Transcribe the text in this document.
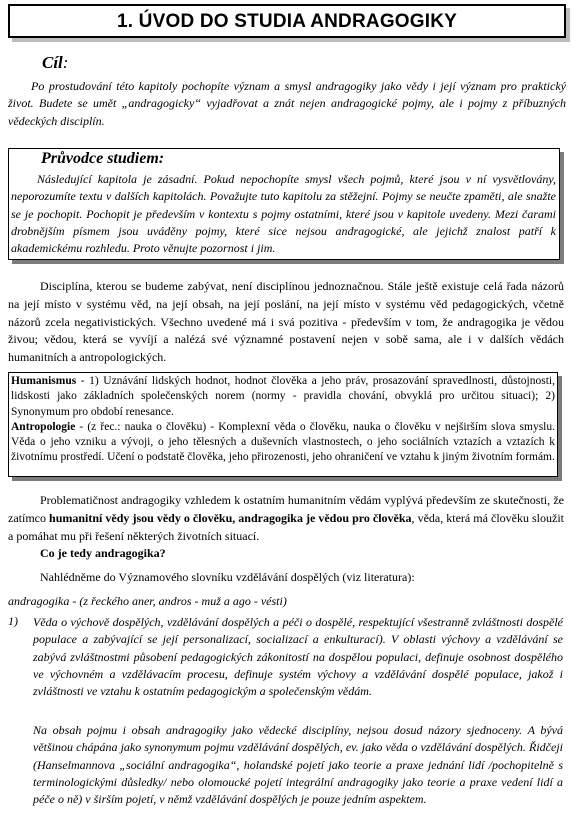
1. ÚVOD DO STUDIA ANDRAGOGIKY
Cíl:
Po prostudování této kapitoly pochopíte význam a smysl andragogiky jako vědy i její význam pro praktický život. Budete se umět „andragogicky“ vyjadřovat a znát nejen andragogické pojmy, ale i pojmy z příbuzných vědeckých disciplín.
Průvodce studiem:
Následující kapitola je zásadní. Pokud nepochopíte smysl všech pojmů, které jsou v ní vysvětlovány, neporozumíte textu v dalších kapitolách. Považujte tuto kapitolu za stěžejní. Pojmy se neučte zpaměti, ale snažte se je pochopit. Pochopit je především v kontextu s pojmy ostatními, které jsou v kapitole uvedeny. Mezi čarami drobnějším písmem jsou uváděny pojmy, které sice nejsou andragogické, ale jejichž znalost patří k akademickému rozhledu. Proto věnujte pozornost i jim.
Disciplína, kterou se budeme zabývat, není disciplínou jednoznačnou. Stále ještě existuje celá řada názorů na její místo v systému věd, na její obsah, na její poslání, na její místo v systému věd pedagogických, včetně názorů zcela negativistických. Všechno uvedené má i svá pozitiva - především v tom, že andragogika je vědou živou; vědou, která se vyvíjí a nalézá své významné postavení nejen v sobě sama, ale i v dalších vědách humanitních a antropologických.
Humanismus - 1) Uznávání lidských hodnot, hodnot člověka a jeho práv, prosazování spravedlnosti, důstojnosti, lidskosti jako základních společenských norem (normy - pravidla chování, obvyklá pro určitou situaci); 2) Synonymum pro období renesance.
Antropologie - (z řec.: nauka o člověku) - Komplexní věda o člověku, nauka o člověku v nejširším slova smyslu. Věda o jeho vzniku a vývoji, o jeho tělesných a duševních vlastnostech, o jeho sociálních vztazích a vztazích k životnímu prostředí. Učení o podstatě člověka, jeho přirozenosti, jeho ohraničení ve vztahu k jiným životním formám.
Problematičnost andragogiky vzhledem k ostatním humanitním vědám vyplývá především ze skutečnosti, že zatímco humanitní vědy jsou vědy o člověku, andragogika je vědou pro člověka, věda, která má člověku sloužit a pomáhat mu při řešení některých životních situací.
Co je tedy andragogika?
Nahlédněme do Významového slovníku vzdělávání dospělých (viz literatura):
andragogika - (z řeckého aner, andros - muž a ago - vésti)
1) Věda o výchově dospělých, vzdělávání dospělých a péči o dospělé, respektující všestranně zvláštnosti dospělé populace a zabývající se její personalizací, socializací a enkulturací). V oblasti výchovy a vzdělávání se zabývá zvláštnostmi působení pedagogických zákonitostí na dospělou populaci, definuje osobnost dospělého ve výchovném a vzdělávacím procesu, definuje systém výchovy a vzdělávání dospělé populace, jakož i zvláštnosti ve vztahu k ostatním pedagogickým a společenským vědám.
Na obsah pojmu i obsah andragogiky jako vědecké disciplíny, nejsou dosud názory sjednoceny. A bývá většinou chápána jako synonymum pojmu vzdělávání dospělých, ev. jako věda o vzdělávání dospělých. Řidčeji (Hanselmannova „sociální andragogika“, holandské pojetí jako teorie a praxe jednání lidí /pochopitelně s terminologickými důsledky/ nebo olomoucké pojetí integrální andragogiky jako teorie a praxe vedení lidí a péče o ně) v širším pojetí, v němž vzdělávání dospělých je pouze jedním aspektem.
